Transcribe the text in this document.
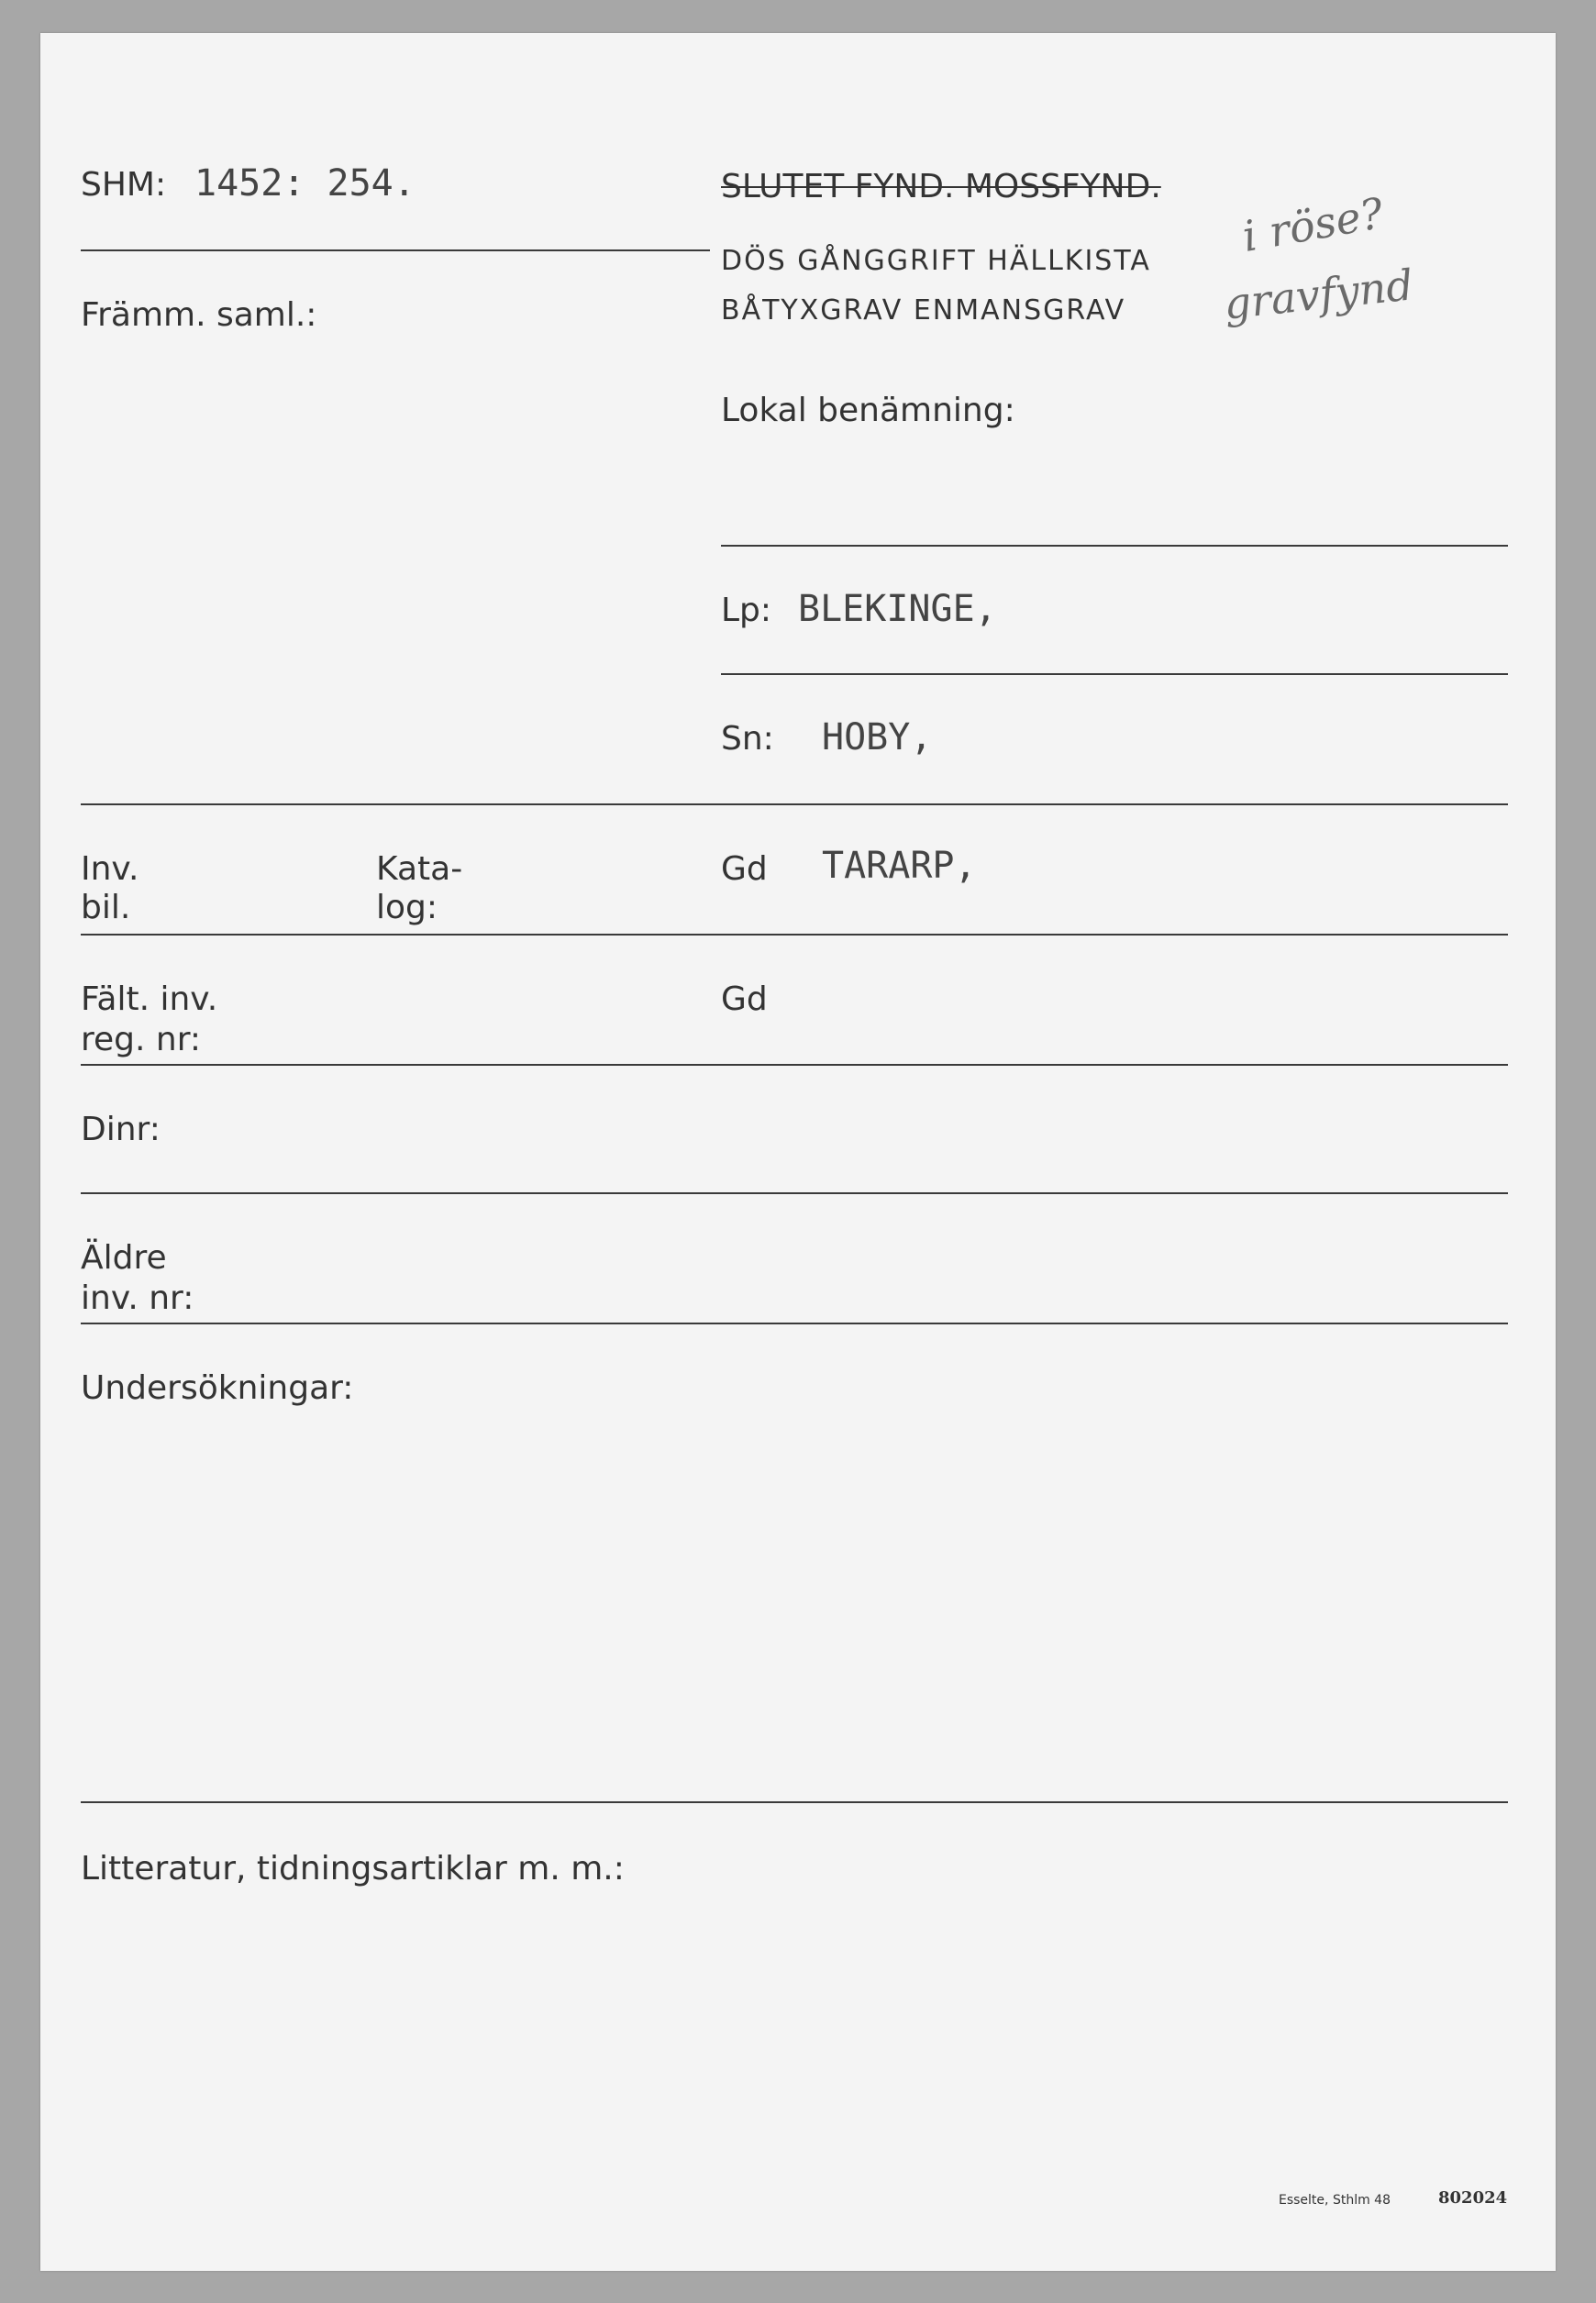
SHM: 1452: 254.
Främm. saml.:
SLUTET FYND. MOSSFYND.
DÖS GÅNGGRIFT HÄLLKISTA
BÅTYXGRAV ENMANSGRAV
i röse?
gravfynd
Lokal benämning:
Lp: BLEKINGE,
Sn: HOBY,
Inv.
bil.
Kata-
log:
Gd TARARP,
Fält. inv.
reg. nr:
Gd
Dinr:
Äldre
inv. nr:
Undersökningar:
Litteratur, tidningsartiklar m. m.:
Esselte, Sthlm 48	802024
